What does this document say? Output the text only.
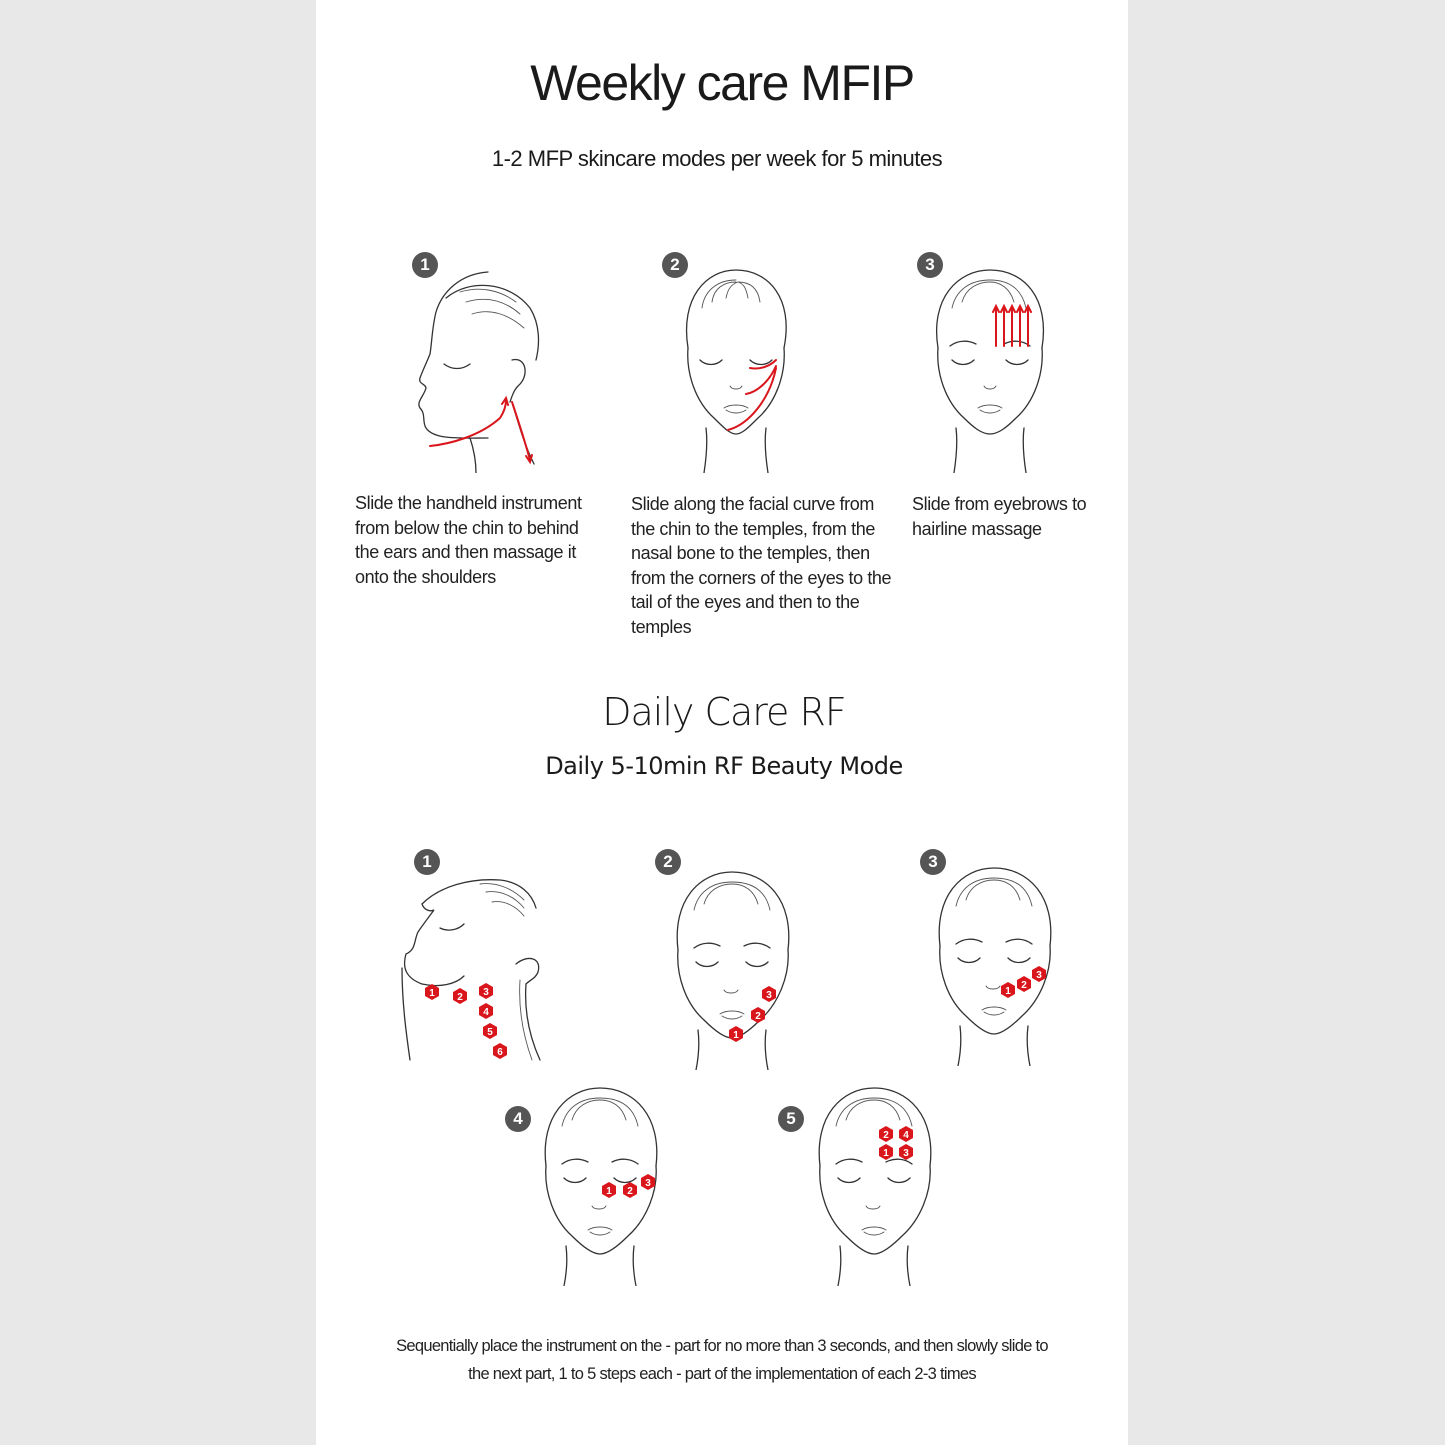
Weekly care MFIP
1-2 MFP skincare modes per week for 5 minutes
1	2	3
Slide the handheld instrument from below the chin to behind the ears and then massage it onto the shoulders
Slide along the facial curve from the chin to the temples, from the nasal bone to the temples, then from the corners of the eyes to the tail of the eyes and then to the temples
Slide from eyebrows to hairline massage
Daily Care RF
Daily 5-10min RF Beauty Mode
1	2	3
4	5
1 2 3
4
5
6
1
2
3	1
2
3
1 2
3
1
2
3
4
Sequentially place the instrument on the - part for no more than 3 seconds, and then slowly slide to
the next part, 1 to 5 steps each - part of the implementation of each 2-3 times
